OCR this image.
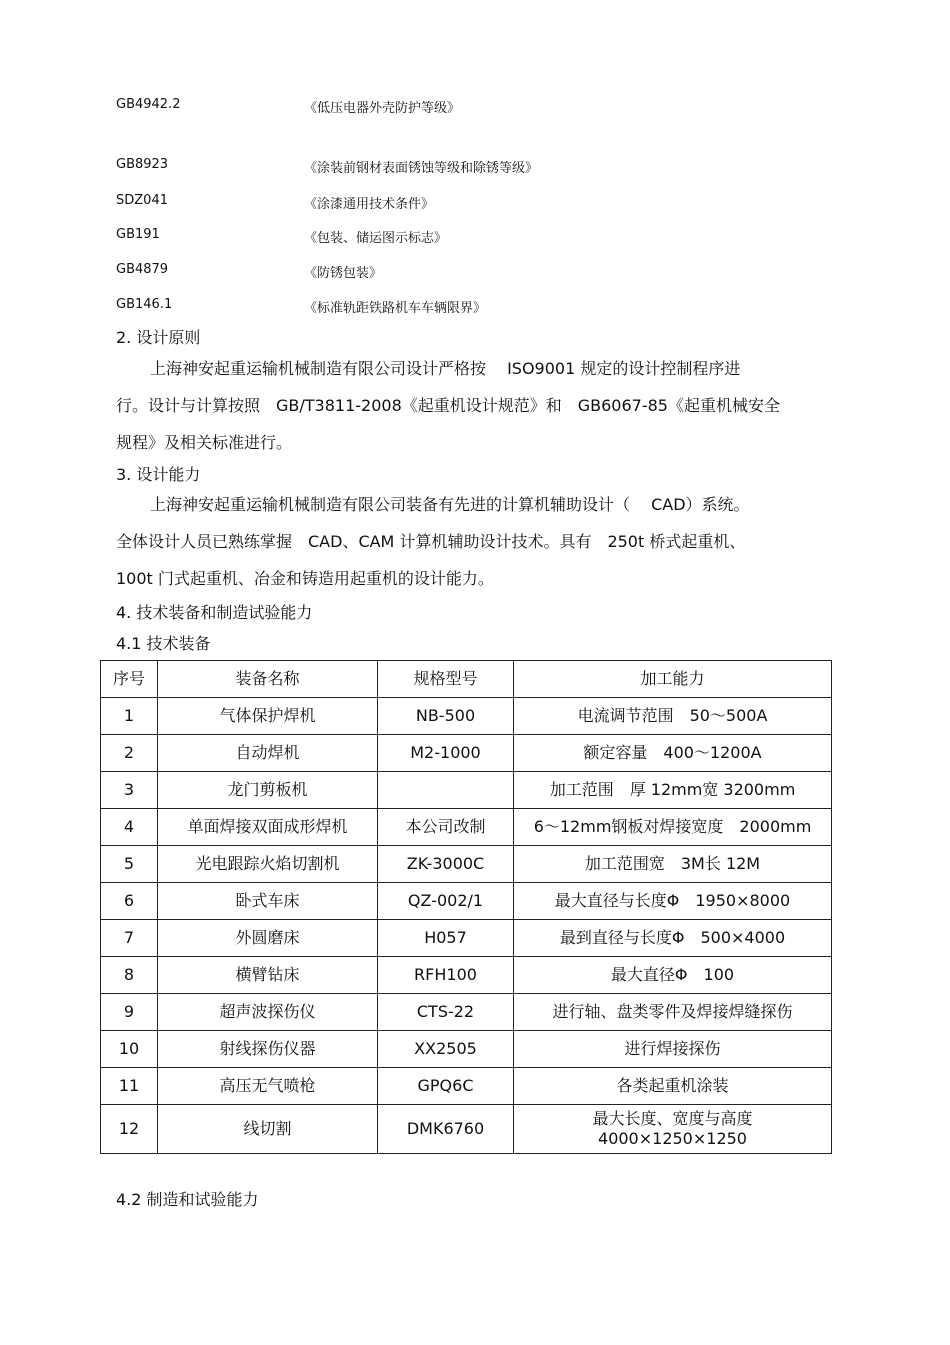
GB4942.2	《低压电器外壳防护等级》
GB8923	《涂装前钢材表面锈蚀等级和除锈等级》
SDZ041	《涂漆通用技术条件》
GB191	《包装、储运图示标志》
GB4879	《防锈包装》
GB146.1	《标准轨距铁路机车车辆限界》
2. 设计原则

上海神安起重运输机械制造有限公司设计严格按　 ISO9001 规定的设计控制程序进

行。设计与计算按照　GB/T3811-2008《起重机设计规范》和　GB6067-85《起重机械安全

规程》及相关标准进行。

3. 设计能力

上海神安起重运输机械制造有限公司装备有先进的计算机辅助设计（　 CAD）系统。

全体设计人员已熟练掌握　CAD、CAM 计算机辅助设计技术。具有　250t 桥式起重机、

100t 门式起重机、冶金和铸造用起重机的设计能力。

4. 技术装备和制造试验能力
4.1 技术装备
序号	装备名称	规格型号	加工能力
1	气体保护焊机	NB-500	电流调节范围　50～500A
2	自动焊机	M2-1000	额定容量　400～1200A
3	龙门剪板机		加工范围　厚 12mm宽 3200mm
4	单面焊接双面成形焊机	本公司改制	6～12mm钢板对焊接宽度　2000mm
5	光电跟踪火焰切割机	ZK-3000C	加工范围宽　3M长 12M
6	卧式车床	QZ-002/1	最大直径与长度Φ　1950×8000
7	外圆磨床	H057	最到直径与长度Φ　500×4000
8	横臂钻床	RFH100	最大直径Φ　100
9	超声波探伤仪	CTS-22	进行轴、盘类零件及焊接焊缝探伤
10	射线探伤仪器	XX2505	进行焊接探伤
11	高压无气喷枪	GPQ6C	各类起重机涂装
12	线切割	DMK6760	最大长度、宽度与高度
4000×1250×1250
4.2 制造和试验能力
